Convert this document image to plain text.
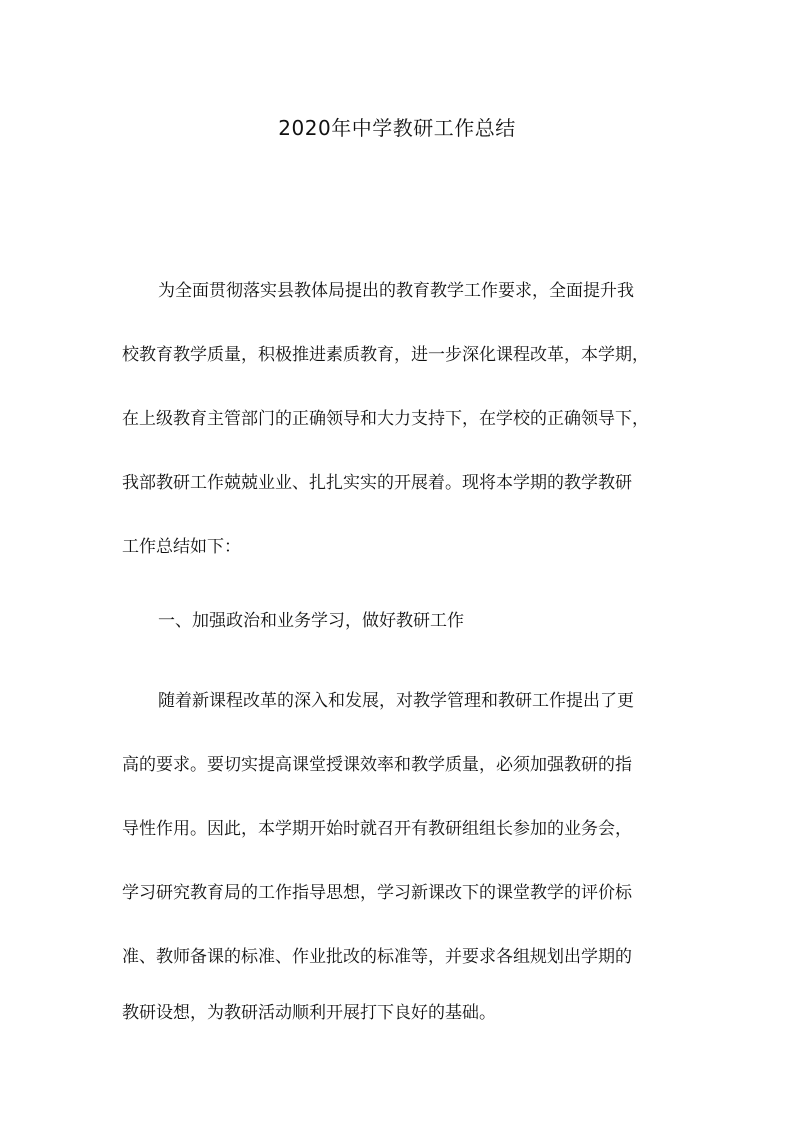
2020年中学教研工作总结
为全面贯彻落实县教体局提出的教育教学工作要求，全面提升我
校教育教学质量，积极推进素质教育，进一步深化课程改革，本学期，
在上级教育主管部门的正确领导和大力支持下，在学校的正确领导下，
我部教研工作兢兢业业、扎扎实实的开展着。现将本学期的教学教研
工作总结如下：
一、加强政治和业务学习，做好教研工作
随着新课程改革的深入和发展，对教学管理和教研工作提出了更
高的要求。要切实提高课堂授课效率和教学质量，必须加强教研的指
导性作用。因此，本学期开始时就召开有教研组组长参加的业务会，
学习研究教育局的工作指导思想，学习新课改下的课堂教学的评价标
准、教师备课的标准、作业批改的标准等，并要求各组规划出学期的
教研设想，为教研活动顺利开展打下良好的基础。
